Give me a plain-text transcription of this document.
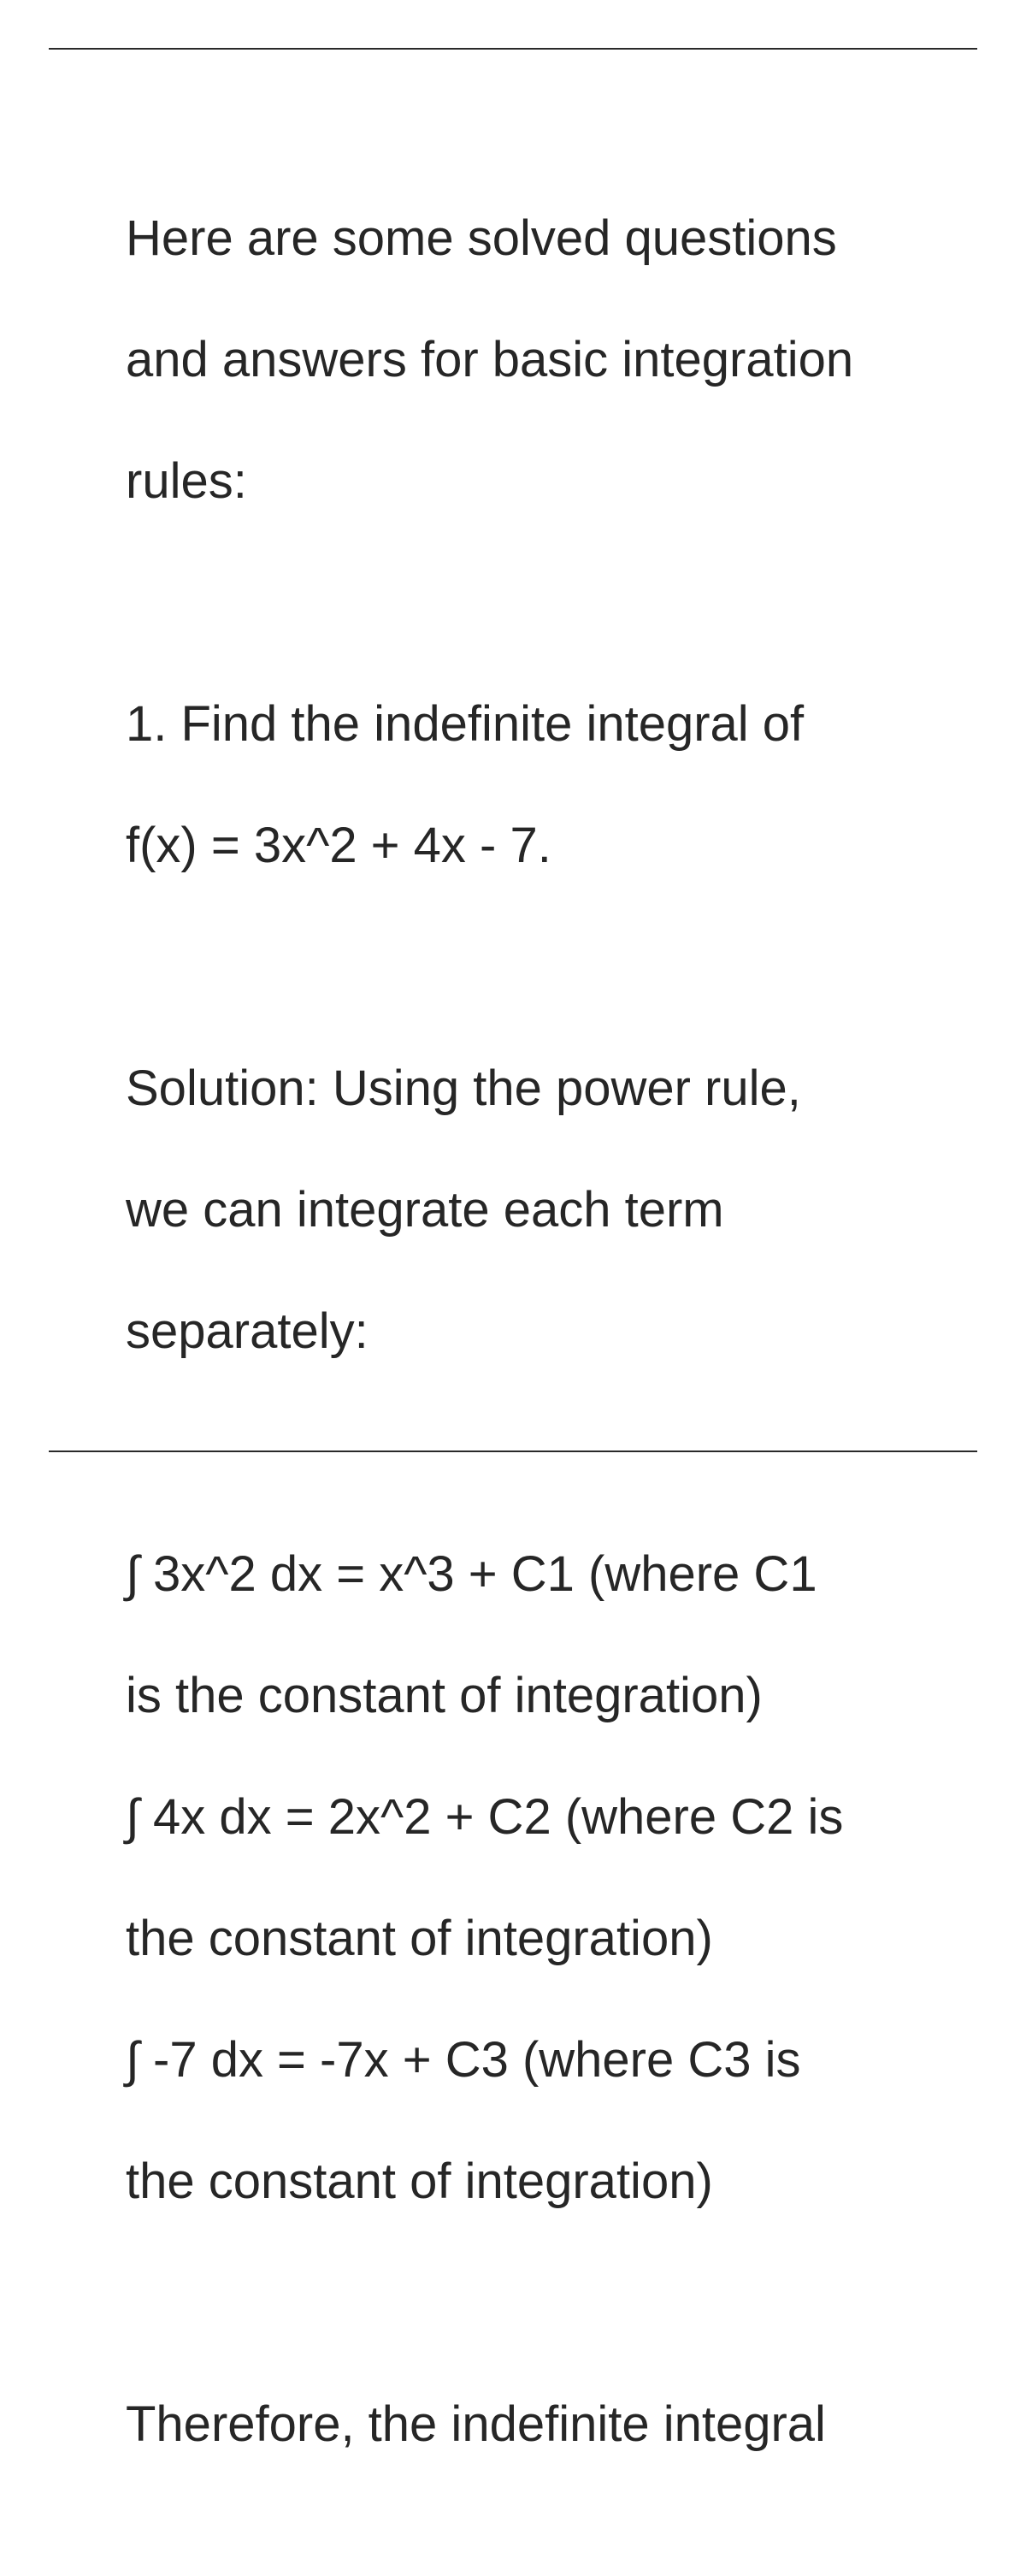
Here are some solved questions

and answers for basic integration

rules:

1. Find the indefinite integral of

f(x) = 3x^2 + 4x - 7.

Solution: Using the power rule,

we can integrate each term

separately:

∫ 3x^2 dx = x^3 + C1 (where C1

is the constant of integration)

∫ 4x dx = 2x^2 + C2 (where C2 is

the constant of integration)

∫ -7 dx = -7x + C3 (where C3 is

the constant of integration)

Therefore, the indefinite integral
